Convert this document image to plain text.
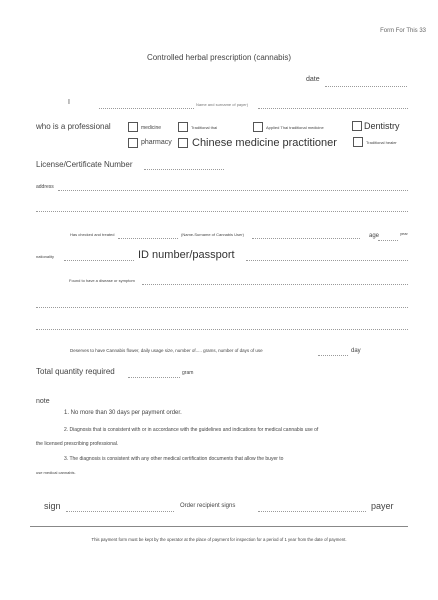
Form For This 33
Controlled herbal prescription (cannabis)
date
I	Name and surname of payer)
who is a professional	medicine	Traditional thai	Applied Thai traditional medicine	Dentistry
pharmacy Chinese medicine practitioner	Traditional healer
License/Certificate Number
address
Has checked and treated	(Name-Surname of Cannabis User)	age	year
nationality	ID number/passport
Found to have a disease or symptom
Deserves to have Cannabis flower, daily usage size, number of..... grams, number of days of use	day
Total quantity required	gram
note
1. No more than 30 days per payment order.
2. Diagnosis that is consistent with or in accordance with the guidelines and indications for medical cannabis use of
the licensed prescribing professional.
3. The diagnosis is consistent with any other medical certification documents that allow the buyer to
use medical cannabis.
sign	Order recipient signs	payer
This payment form must be kept by the operator at the place of payment for inspection for a period of 1 year from the date of payment.
